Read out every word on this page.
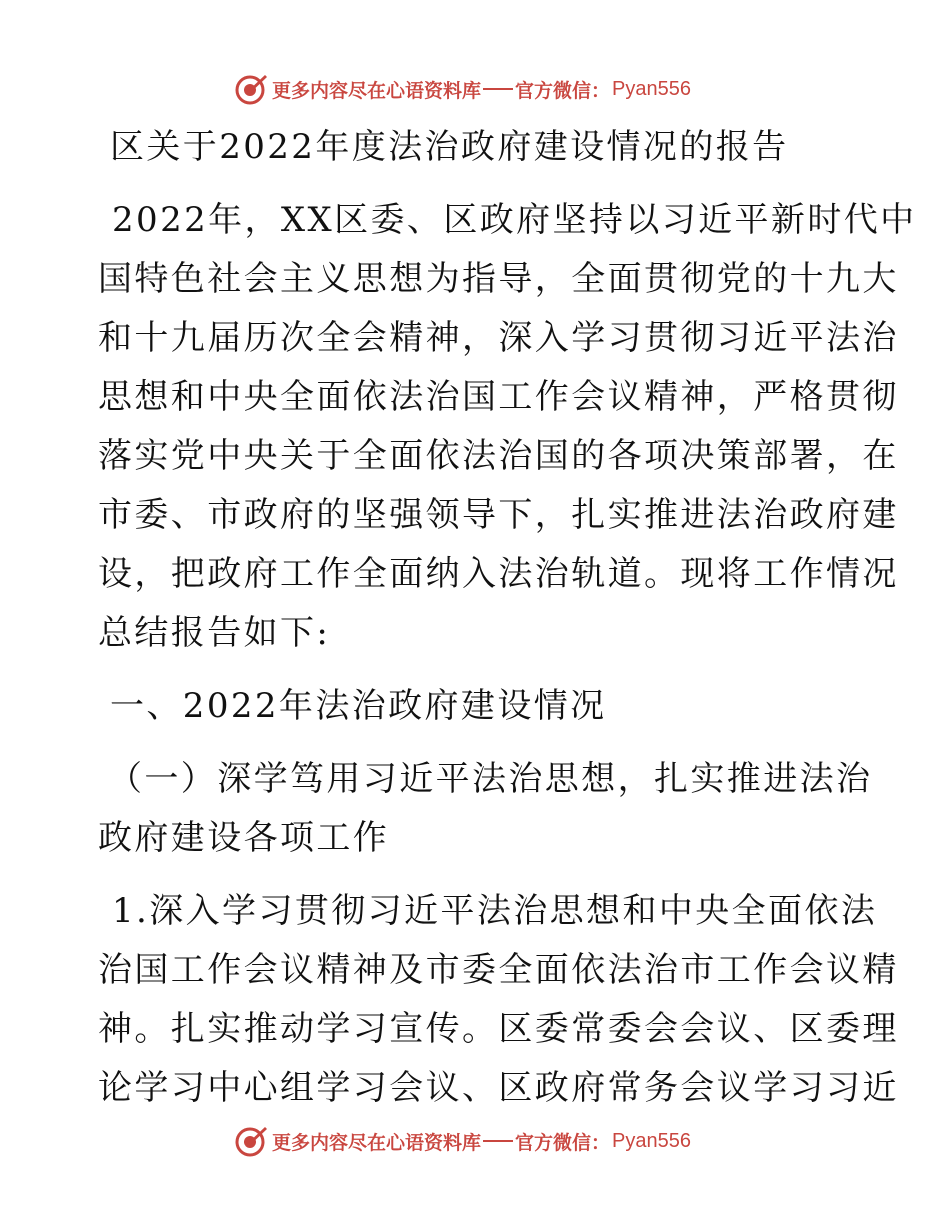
更多内容尽在心语资料库 官方微信： Pyan556
区关于2022年度法治政府建设情况的报告
2022年，XX区委、区政府坚持以习近平新时代中
国特色社会主义思想为指导，全面贯彻党的十九大
和十九届历次全会精神，深入学习贯彻习近平法治
思想和中央全面依法治国工作会议精神，严格贯彻
落实党中央关于全面依法治国的各项决策部署，在
市委、市政府的坚强领导下，扎实推进法治政府建
设，把政府工作全面纳入法治轨道。现将工作情况
总结报告如下:
一、2022年法治政府建设情况
（一）深学笃用习近平法治思想，扎实推进法治
政府建设各项工作
1.深入学习贯彻习近平法治思想和中央全面依法
治国工作会议精神及市委全面依法治市工作会议精
神。扎实推动学习宣传。区委常委会会议、区委理
论学习中心组学习会议、区政府常务会议学习习近
更多内容尽在心语资料库 官方微信： Pyan556
